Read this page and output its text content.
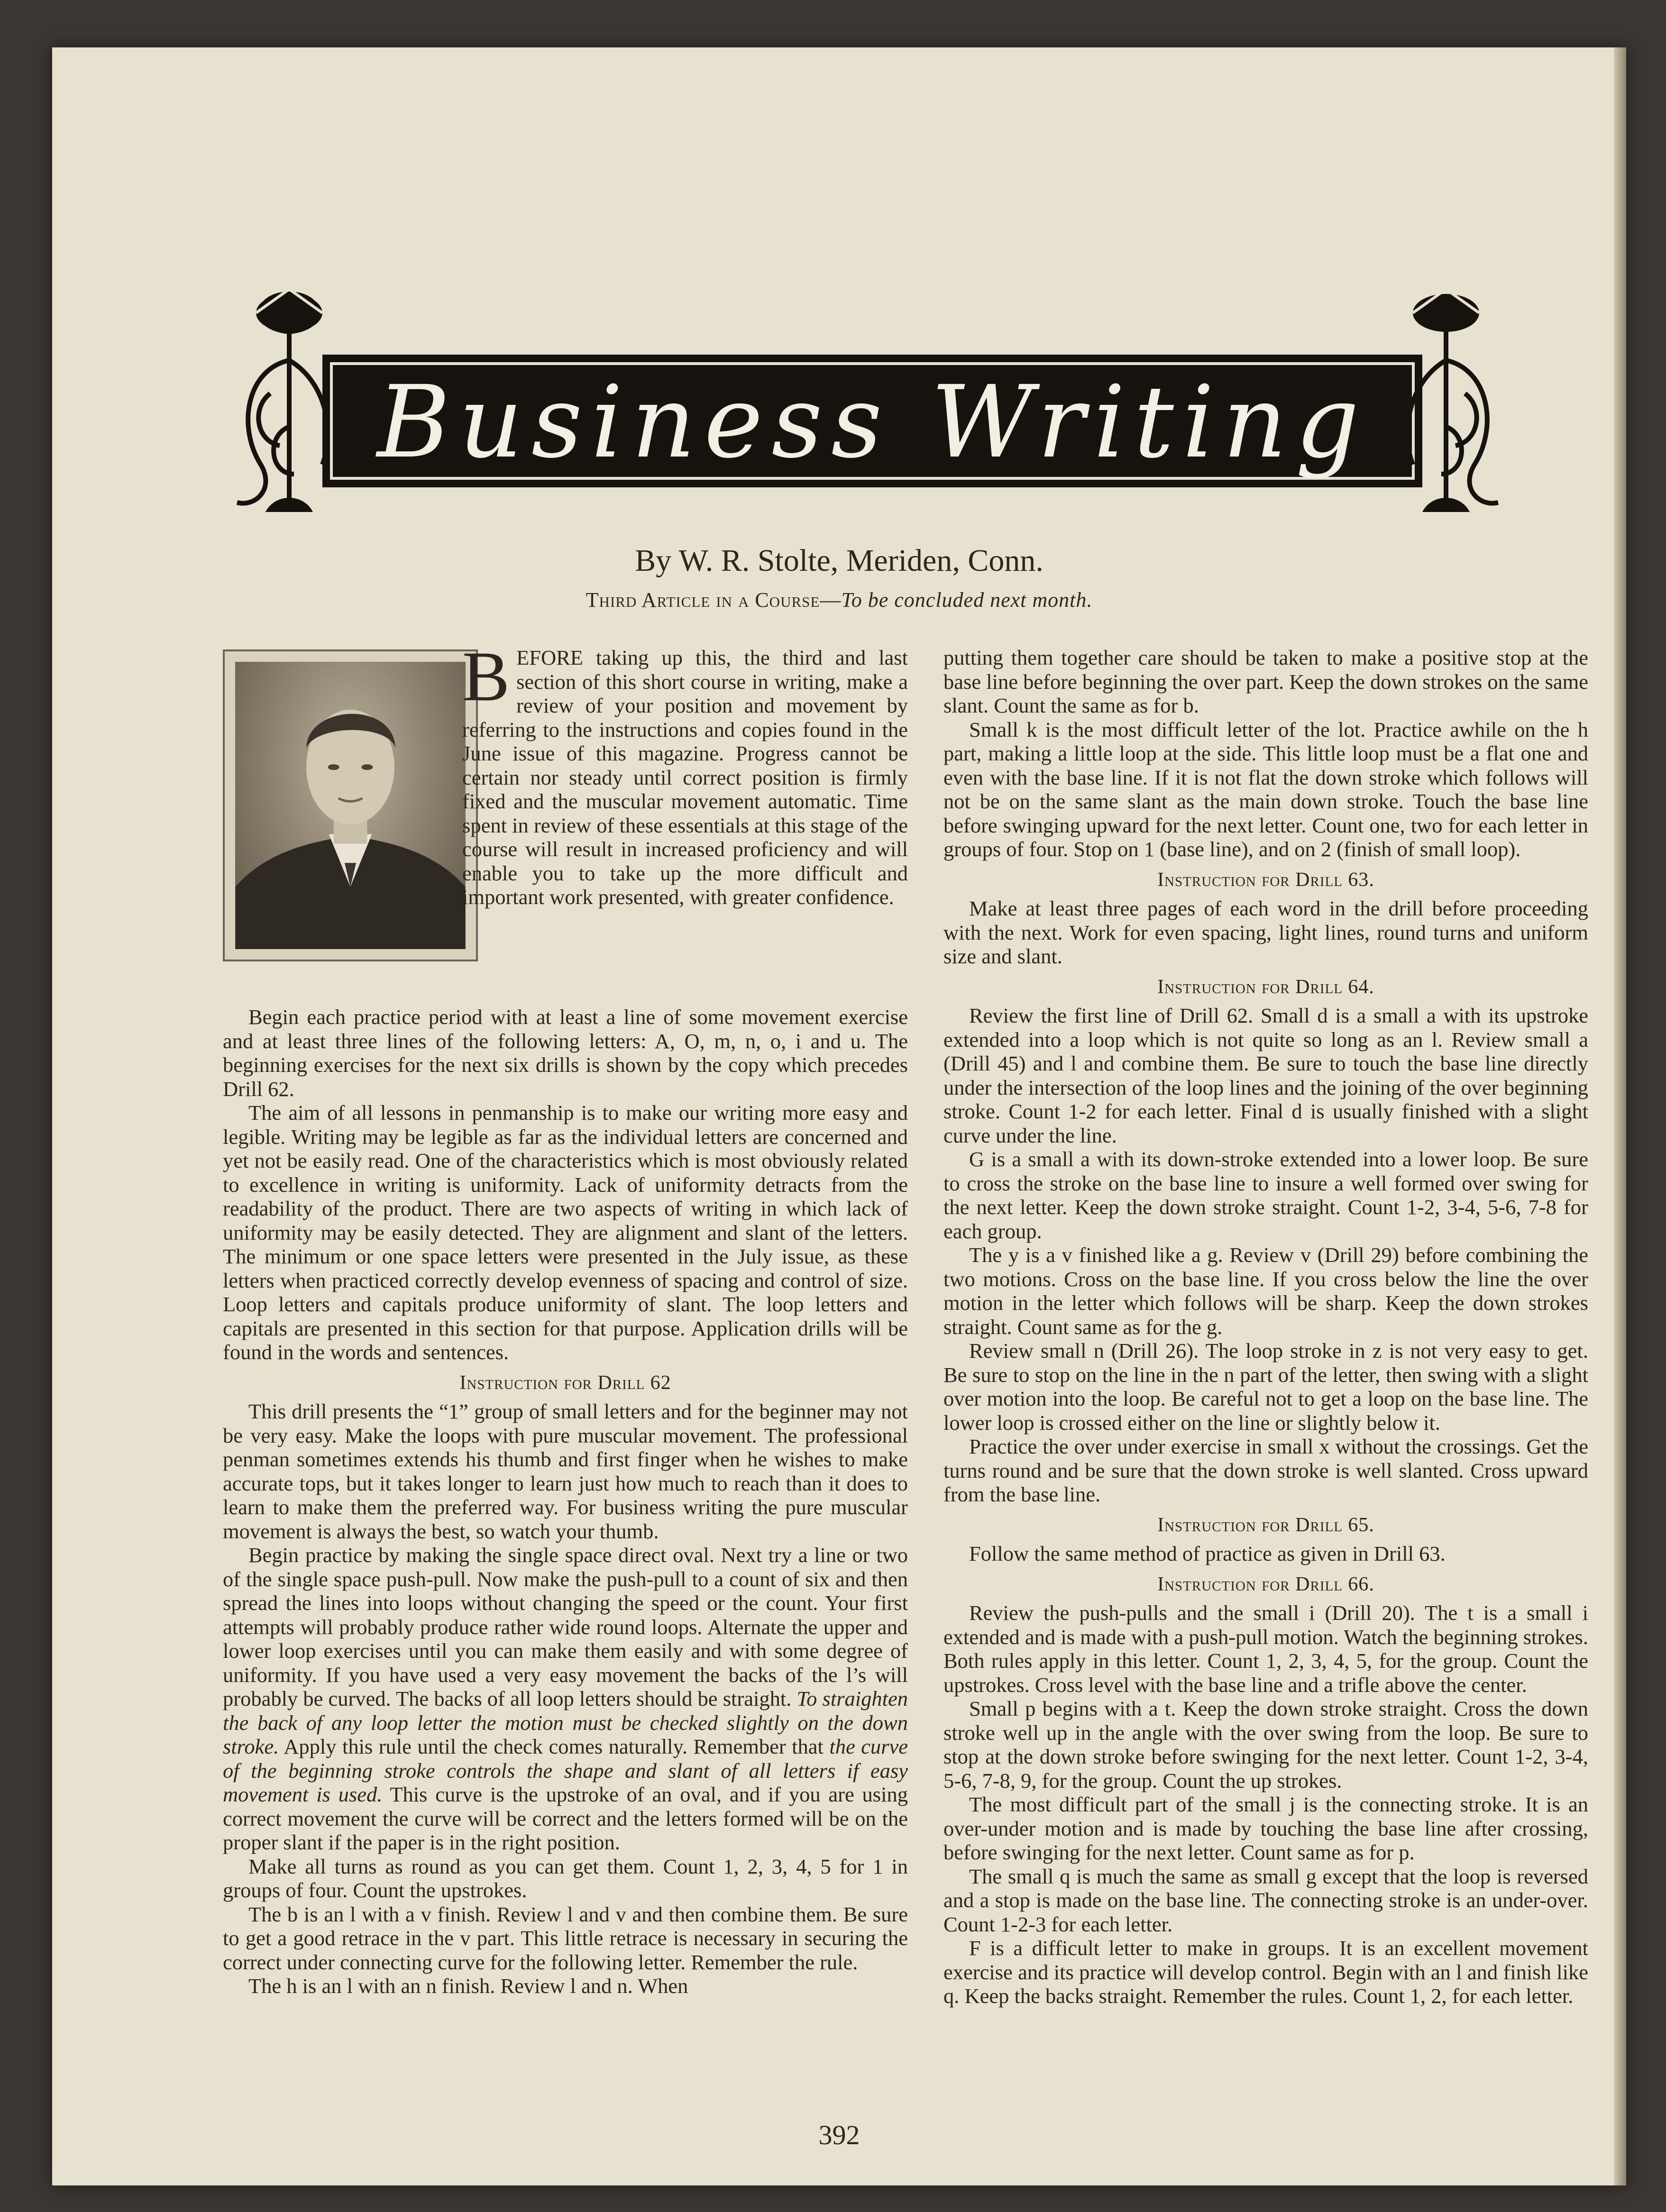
Business Writing
By W. R. Stolte, Meriden, Conn.
Third Article in a Course—To be concluded next month.
BEFORE taking up this, the third and last section of this short course in writing, make a review of your position and movement by referring to the instructions and copies found in the June issue of this magazine. Progress cannot be certain nor steady until correct position is firmly fixed and the muscular movement automatic. Time spent in review of these essentials at this stage of the course will result in increased proficiency and will enable you to take up the more difficult and important work presented, with greater confidence.

Begin each practice period with at least a line of some movement exercise and at least three lines of the following letters: A, O, m, n, o, i and u. The beginning exercises for the next six drills is shown by the copy which precedes Drill 62.

The aim of all lessons in penmanship is to make our writing more easy and legible. Writing may be legible as far as the individual letters are concerned and yet not be easily read. One of the characteristics which is most obviously related to excellence in writing is uniformity. Lack of uniformity detracts from the readability of the product. There are two aspects of writing in which lack of uniformity may be easily detected. They are alignment and slant of the letters. The minimum or one space letters were presented in the July issue, as these letters when practiced correctly develop evenness of spacing and control of size. Loop letters and capitals produce uniformity of slant. The loop letters and capitals are presented in this section for that purpose. Application drills will be found in the words and sentences.

Instruction for Drill 62

This drill presents the “1” group of small letters and for the beginner may not be very easy. Make the loops with pure muscular movement. The professional penman sometimes extends his thumb and first finger when he wishes to make accurate tops, but it takes longer to learn just how much to reach than it does to learn to make them the preferred way. For business writing the pure muscular movement is always the best, so watch your thumb.

Begin practice by making the single space direct oval. Next try a line or two of the single space push-pull. Now make the push-pull to a count of six and then spread the lines into loops without changing the speed or the count. Your first attempts will probably produce rather wide round loops. Alternate the upper and lower loop exercises until you can make them easily and with some degree of uniformity. If you have used a very easy movement the backs of the l’s will probably be curved. The backs of all loop letters should be straight. To straighten the back of any loop letter the motion must be checked slightly on the down stroke. Apply this rule until the check comes naturally. Remember that the curve of the beginning stroke controls the shape and slant of all letters if easy movement is used. This curve is the upstroke of an oval, and if you are using correct movement the curve will be correct and the letters formed will be on the proper slant if the paper is in the right position.

Make all turns as round as you can get them. Count 1, 2, 3, 4, 5 for 1 in groups of four. Count the upstrokes.

The b is an l with a v finish. Review l and v and then combine them. Be sure to get a good retrace in the v part. This little retrace is necessary in securing the correct under connecting curve for the following letter. Remember the rule.

The h is an l with an n finish. Review l and n. When

putting them together care should be taken to make a positive stop at the base line before beginning the over part. Keep the down strokes on the same slant. Count the same as for b.

Small k is the most difficult letter of the lot. Practice awhile on the h part, making a little loop at the side. This little loop must be a flat one and even with the base line. If it is not flat the down stroke which follows will not be on the same slant as the main down stroke. Touch the base line before swinging upward for the next letter. Count one, two for each letter in groups of four. Stop on 1 (base line), and on 2 (finish of small loop).

Instruction for Drill 63.

Make at least three pages of each word in the drill before proceeding with the next. Work for even spacing, light lines, round turns and uniform size and slant.

Instruction for Drill 64.

Review the first line of Drill 62. Small d is a small a with its upstroke extended into a loop which is not quite so long as an l. Review small a (Drill 45) and l and combine them. Be sure to touch the base line directly under the intersection of the loop lines and the joining of the over beginning stroke. Count 1-2 for each letter. Final d is usually finished with a slight curve under the line.

G is a small a with its down-stroke extended into a lower loop. Be sure to cross the stroke on the base line to insure a well formed over swing for the next letter. Keep the down stroke straight. Count 1-2, 3-4, 5-6, 7-8 for each group.

The y is a v finished like a g. Review v (Drill 29) before combining the two motions. Cross on the base line. If you cross below the line the over motion in the letter which follows will be sharp. Keep the down strokes straight. Count same as for the g.

Review small n (Drill 26). The loop stroke in z is not very easy to get. Be sure to stop on the line in the n part of the letter, then swing with a slight over motion into the loop. Be careful not to get a loop on the base line. The lower loop is crossed either on the line or slightly below it.

Practice the over under exercise in small x without the crossings. Get the turns round and be sure that the down stroke is well slanted. Cross upward from the base line.

Instruction for Drill 65.

Follow the same method of practice as given in Drill 63.

Instruction for Drill 66.

Review the push-pulls and the small i (Drill 20). The t is a small i extended and is made with a push-pull motion. Watch the beginning strokes. Both rules apply in this letter. Count 1, 2, 3, 4, 5, for the group. Count the upstrokes. Cross level with the base line and a trifle above the center.

Small p begins with a t. Keep the down stroke straight. Cross the down stroke well up in the angle with the over swing from the loop. Be sure to stop at the down stroke before swinging for the next letter. Count 1-2, 3-4, 5-6, 7-8, 9, for the group. Count the up strokes.

The most difficult part of the small j is the connecting stroke. It is an over-under motion and is made by touching the base line after crossing, before swinging for the next letter. Count same as for p.

The small q is much the same as small g except that the loop is reversed and a stop is made on the base line. The connecting stroke is an under-over. Count 1-2-3 for each letter.

F is a difficult letter to make in groups. It is an excellent movement exercise and its practice will develop control. Begin with an l and finish like q. Keep the backs straight. Remember the rules. Count 1, 2, for each letter.

392
